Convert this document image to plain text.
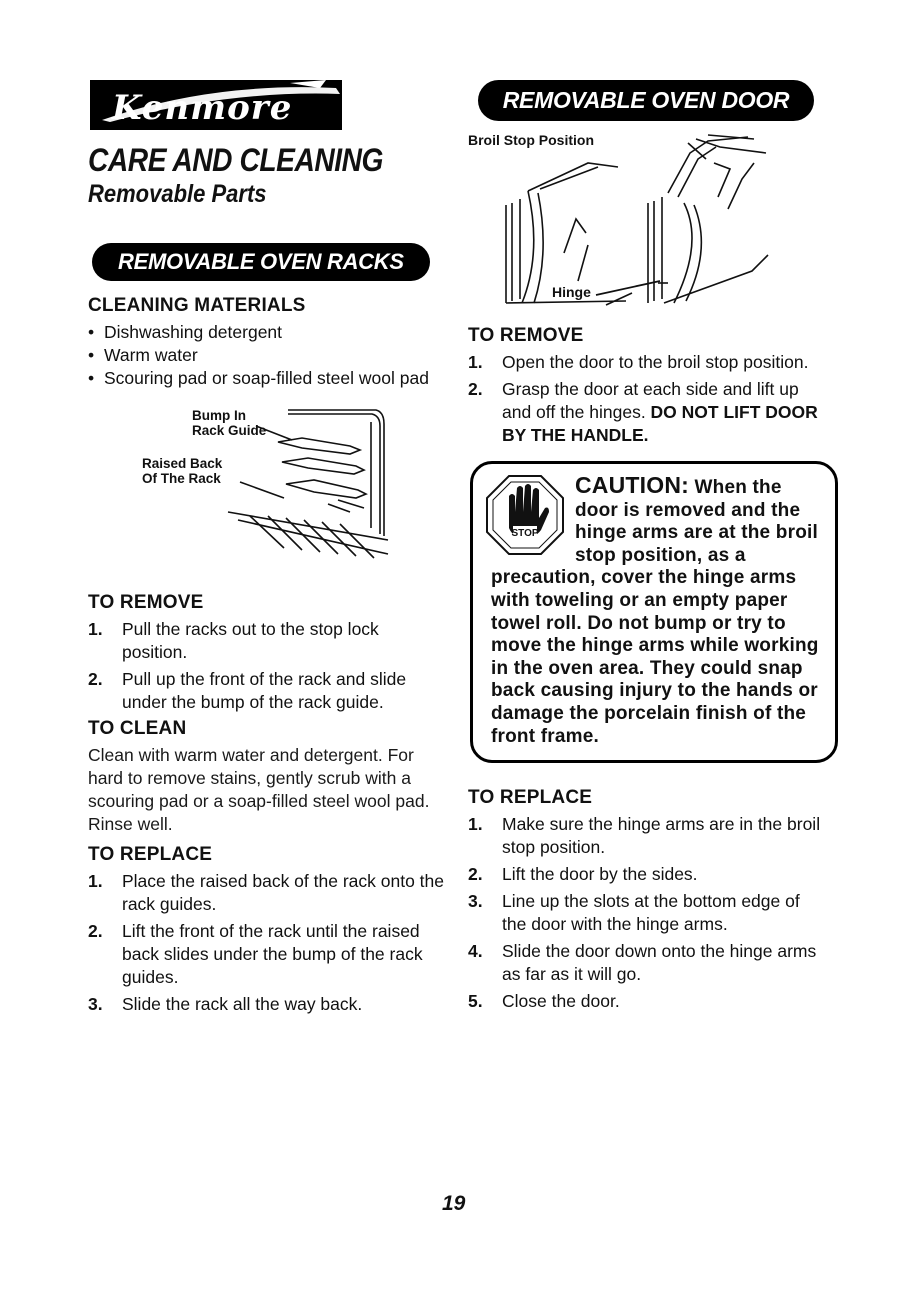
Kenmore
CARE AND CLEANING
Removable Parts
REMOVABLE OVEN RACKS

CLEANING MATERIALS

• Dishwashing detergent
• Warm water
• Scouring pad or soap-filled steel wool pad
Bump In
Rack Guide
Raised Back
Of The Rack

TO REMOVE

1. Pull the racks out to the stop lock position.
2. Pull up the front of the rack and slide under the bump of the rack guide.

TO CLEAN

Clean with warm water and detergent. For hard to remove stains, gently scrub with a scouring pad or a soap-filled steel wool pad. Rinse well.

TO REPLACE

1. Place the raised back of the rack onto the rack guides.
2. Lift the front of the rack until the raised back slides under the bump of the rack guides.
3. Slide the rack all the way back.
REMOVABLE OVEN DOOR
Broil Stop Position
Hinge

TO REMOVE

1. Open the door to the broil stop position.
2. Grasp the door at each side and lift up and off the hinges. DO NOT LIFT DOOR BY THE HANDLE.
STOP
CAUTION: When the door is removed and the hinge arms are at the broil stop position, as a precaution, cover the hinge arms with toweling or an empty paper towel roll. Do not bump or try to move the hinge arms while working in the oven area. They could snap back causing injury to the hands or damage the porcelain finish of the front frame.

TO REPLACE

1. Make sure the hinge arms are in the broil stop position.
2. Lift the door by the sides.
3. Line up the slots at the bottom edge of the door with the hinge arms.
4. Slide the door down onto the hinge arms as far as it will go.
5. Close the door.
19
